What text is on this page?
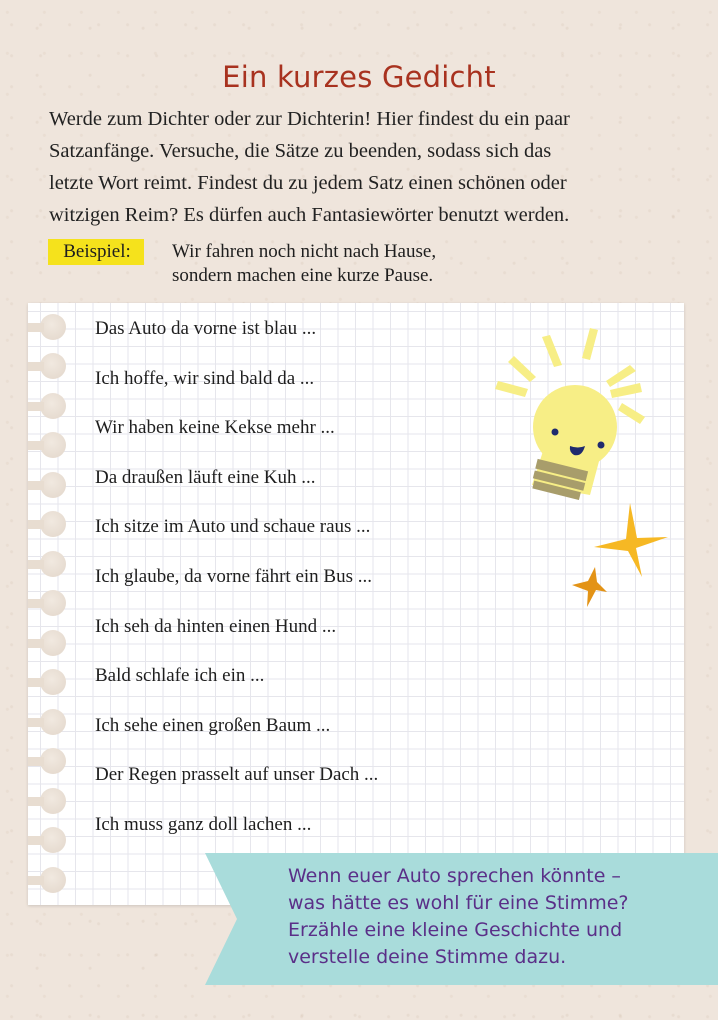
Ein kurzes Gedicht
Werde zum Dichter oder zur Dichterin! Hier findest du ein paar
Satzanfänge. Versuche, die Sätze zu beenden, sodass sich das
letzte Wort reimt. Findest du zu jedem Satz einen schönen oder
witzigen Reim? Es dürfen auch Fantasiewörter benutzt werden.
Beispiel:	Wir fahren noch nicht nach Hause,
sondern machen eine kurze Pause.
Das Auto da vorne ist blau ...
Ich hoffe, wir sind bald da ...
Wir haben keine Kekse mehr ...
Da draußen läuft eine Kuh ...
Ich sitze im Auto und schaue raus ...
Ich glaube, da vorne fährt ein Bus ...
Ich seh da hinten einen Hund ...
Bald schlafe ich ein ...
Ich sehe einen großen Baum ...
Der Regen prasselt auf unser Dach ...
Ich muss ganz doll lachen ...
Wenn euer Auto sprechen könnte –
was hätte es wohl für eine Stimme?
Erzähle eine kleine Geschichte und
verstelle deine Stimme dazu.
